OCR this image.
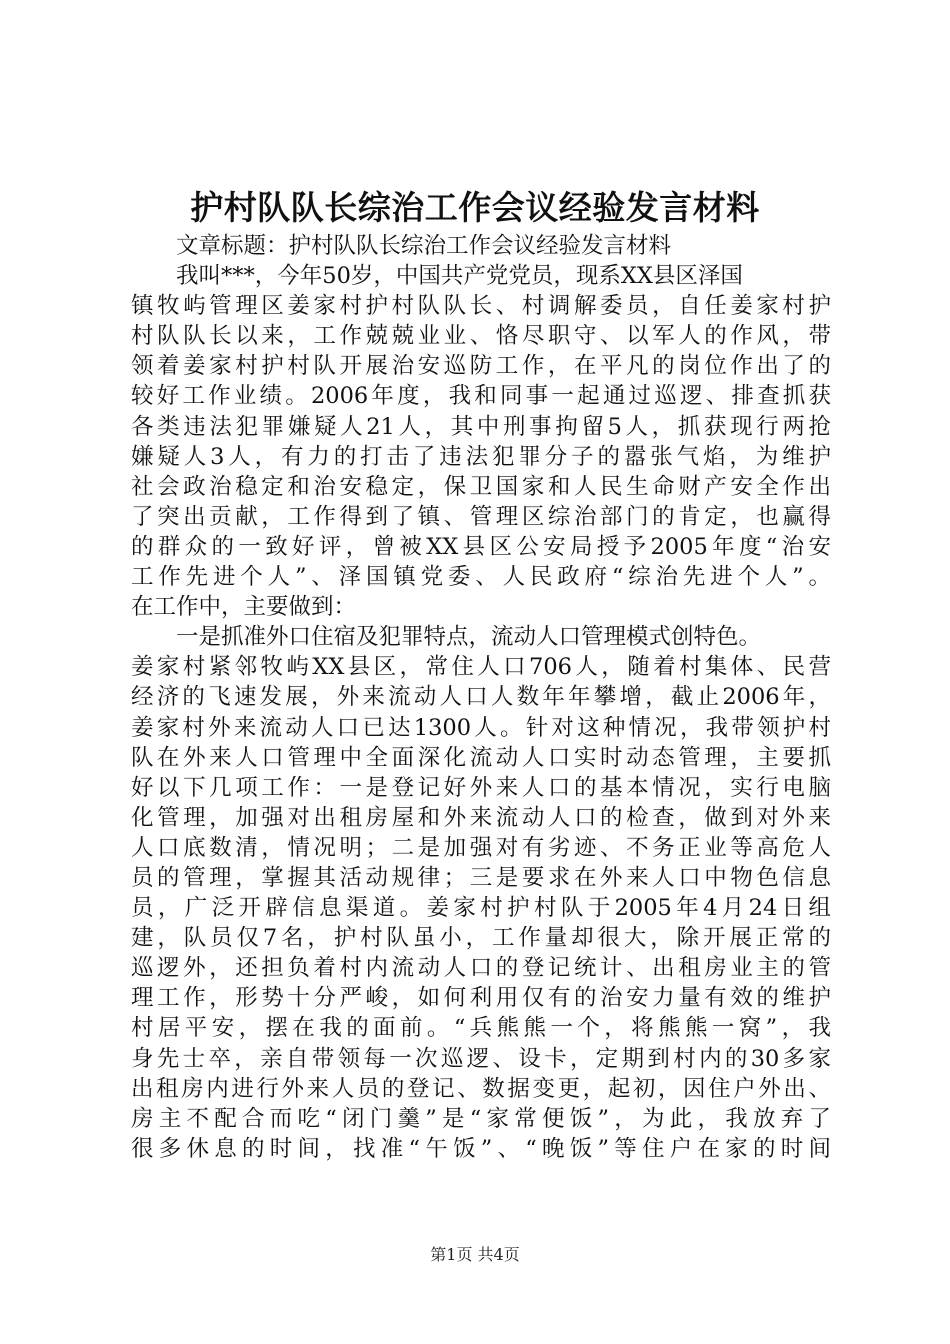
护村队队长综治工作会议经验发言材料
文章标题：护村队队长综治工作会议经验发言材料
我叫***，今年50岁，中国共产党党员，现系XX县区泽国
镇牧屿管理区姜家村护村队队长、村调解委员，自任姜家村护
村队队长以来，工作兢兢业业、恪尽职守、以军人的作风，带
领着姜家村护村队开展治安巡防工作，在平凡的岗位作出了的
较好工作业绩。2006年度，我和同事一起通过巡逻、排查抓获
各类违法犯罪嫌疑人21人，其中刑事拘留5人，抓获现行两抢
嫌疑人3人，有力的打击了违法犯罪分子的嚣张气焰，为维护
社会政治稳定和治安稳定，保卫国家和人民生命财产安全作出
了突出贡献，工作得到了镇、管理区综治部门的肯定，也赢得
的群众的一致好评，曾被XX县区公安局授予2005年度“治安
工作先进个人”、泽国镇党委、人民政府“综治先进个人”。
在工作中，主要做到：
一是抓准外口住宿及犯罪特点，流动人口管理模式创特色。
姜家村紧邻牧屿XX县区，常住人口706人，随着村集体、民营
经济的飞速发展，外来流动人口人数年年攀增，截止2006年，
姜家村外来流动人口已达1300人。针对这种情况，我带领护村
队在外来人口管理中全面深化流动人口实时动态管理，主要抓
好以下几项工作：一是登记好外来人口的基本情况，实行电脑
化管理，加强对出租房屋和外来流动人口的检查，做到对外来
人口底数清，情况明；二是加强对有劣迹、不务正业等高危人
员的管理，掌握其活动规律；三是要求在外来人口中物色信息
员，广泛开辟信息渠道。姜家村护村队于2005年4月24日组
建，队员仅7名，护村队虽小，工作量却很大，除开展正常的
巡逻外，还担负着村内流动人口的登记统计、出租房业主的管
理工作，形势十分严峻，如何利用仅有的治安力量有效的维护
村居平安，摆在我的面前。“兵熊熊一个，将熊熊一窝”，我
身先士卒，亲自带领每一次巡逻、设卡，定期到村内的30多家
出租房内进行外来人员的登记、数据变更，起初，因住户外出、
房主不配合而吃“闭门羹”是“家常便饭”，为此，我放弃了
很多休息的时间，找准“午饭”、“晚饭”等住户在家的时间
第1页 共4页
